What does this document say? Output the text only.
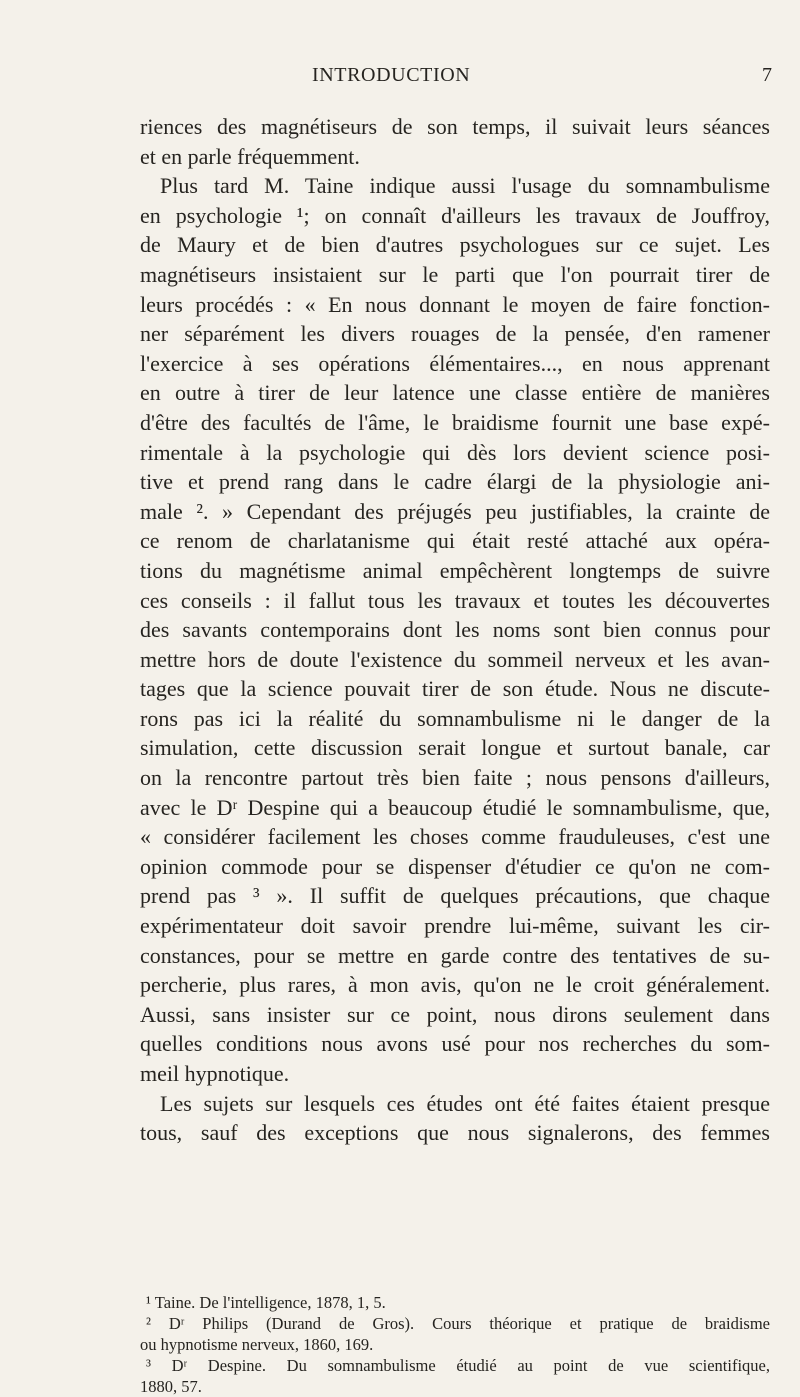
INTRODUCTION	7
riences des magnétiseurs de son temps, il suivait leurs séances
et en parle fréquemment.
Plus tard M. Taine indique aussi l'usage du somnambulisme
en psychologie ¹; on connaît d'ailleurs les travaux de Jouffroy,
de Maury et de bien d'autres psychologues sur ce sujet. Les
magnétiseurs insistaient sur le parti que l'on pourrait tirer de
leurs procédés : « En nous donnant le moyen de faire fonction-
ner séparément les divers rouages de la pensée, d'en ramener
l'exercice à ses opérations élémentaires..., en nous apprenant
en outre à tirer de leur latence une classe entière de manières
d'être des facultés de l'âme, le braidisme fournit une base expé-
rimentale à la psychologie qui dès lors devient science posi-
tive et prend rang dans le cadre élargi de la physiologie ani-
male ². » Cependant des préjugés peu justifiables, la crainte de
ce renom de charlatanisme qui était resté attaché aux opéra-
tions du magnétisme animal empêchèrent longtemps de suivre
ces conseils : il fallut tous les travaux et toutes les découvertes
des savants contemporains dont les noms sont bien connus pour
mettre hors de doute l'existence du sommeil nerveux et les avan-
tages que la science pouvait tirer de son étude. Nous ne discute-
rons pas ici la réalité du somnambulisme ni le danger de la
simulation, cette discussion serait longue et surtout banale, car
on la rencontre partout très bien faite ; nous pensons d'ailleurs,
avec le Dʳ Despine qui a beaucoup étudié le somnambulisme, que,
« considérer facilement les choses comme frauduleuses, c'est une
opinion commode pour se dispenser d'étudier ce qu'on ne com-
prend pas ³ ». Il suffit de quelques précautions, que chaque
expérimentateur doit savoir prendre lui-même, suivant les cir-
constances, pour se mettre en garde contre des tentatives de su-
percherie, plus rares, à mon avis, qu'on ne le croit généralement.
Aussi, sans insister sur ce point, nous dirons seulement dans
quelles conditions nous avons usé pour nos recherches du som-
meil hypnotique.
Les sujets sur lesquels ces études ont été faites étaient presque
tous, sauf des exceptions que nous signalerons, des femmes
¹ Taine. De l'intelligence, 1878, 1, 5.
² Dʳ Philips (Durand de Gros). Cours théorique et pratique de braidisme
ou hypnotisme nerveux, 1860, 169.
³ Dʳ Despine. Du somnambulisme étudié au point de vue scientifique,
1880, 57.
